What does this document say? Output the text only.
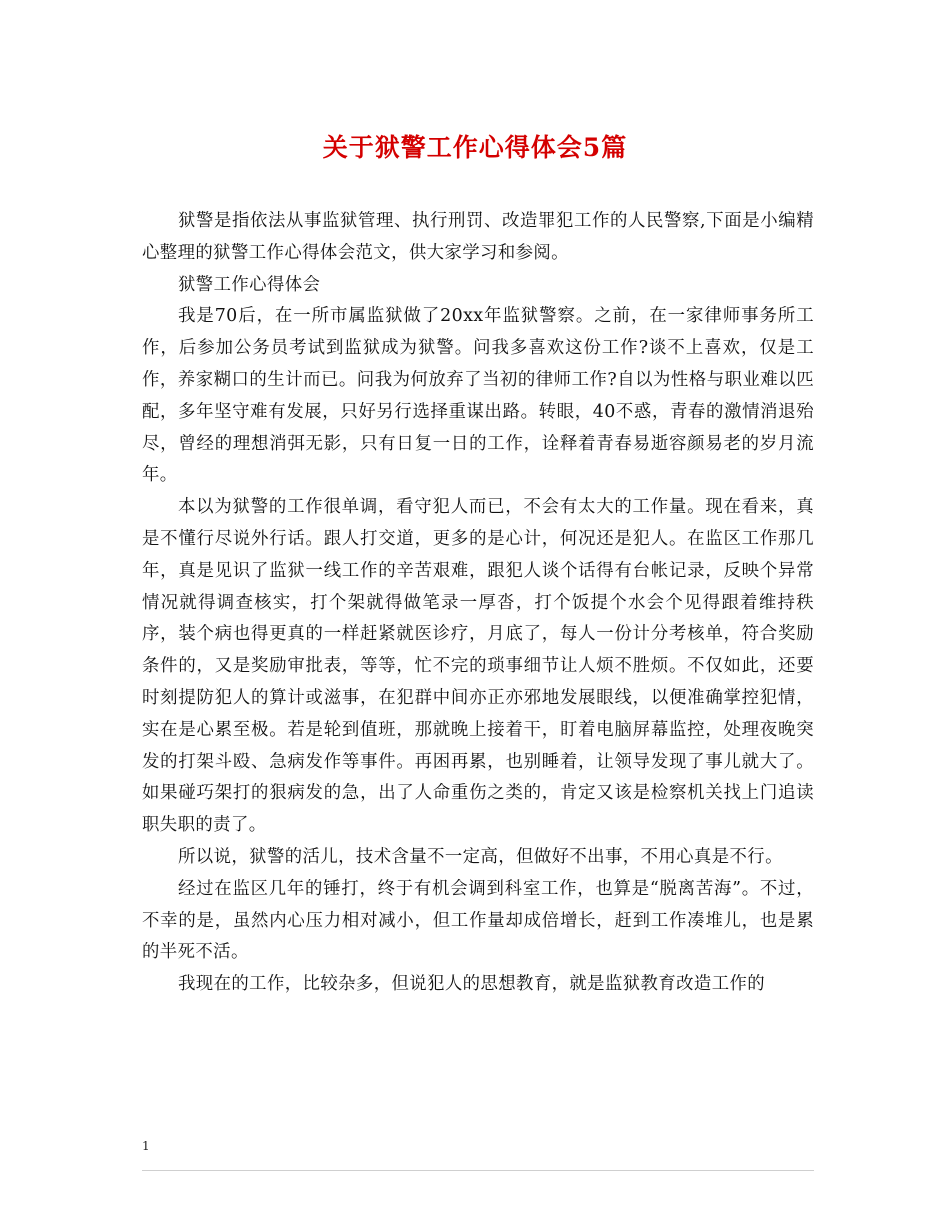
关于狱警工作心得体会5篇

狱警是指依法从事监狱管理、执行刑罚、改造罪犯工作的人民警察,下面是小编精心整理的狱警工作心得体会范文，供大家学习和参阅。

狱警工作心得体会

我是70后，在一所市属监狱做了20xx年监狱警察。之前，在一家律师事务所工作，后参加公务员考试到监狱成为狱警。问我多喜欢这份工作?谈不上喜欢，仅是工作，养家糊口的生计而已。问我为何放弃了当初的律师工作?自以为性格与职业难以匹配，多年坚守难有发展，只好另行选择重谋出路。转眼，40不惑，青春的激情消退殆尽，曾经的理想消弭无影，只有日复一日的工作，诠释着青春易逝容颜易老的岁月流年。

本以为狱警的工作很单调，看守犯人而已，不会有太大的工作量。现在看来，真是不懂行尽说外行话。跟人打交道，更多的是心计，何况还是犯人。在监区工作那几年，真是见识了监狱一线工作的辛苦艰难，跟犯人谈个话得有台帐记录，反映个异常情况就得调查核实，打个架就得做笔录一厚沓，打个饭提个水会个见得跟着维持秩序，装个病也得更真的一样赶紧就医诊疗，月底了，每人一份计分考核单，符合奖励条件的，又是奖励审批表，等等，忙不完的琐事细节让人烦不胜烦。不仅如此，还要时刻提防犯人的算计或滋事，在犯群中间亦正亦邪地发展眼线，以便准确掌控犯情，实在是心累至极。若是轮到值班，那就晚上接着干，盯着电脑屏幕监控，处理夜晚突发的打架斗殴、急病发作等事件。再困再累，也别睡着，让领导发现了事儿就大了。如果碰巧架打的狠病发的急，出了人命重伤之类的，肯定又该是检察机关找上门追读职失职的责了。

所以说，狱警的活儿，技术含量不一定高，但做好不出事，不用心真是不行。

经过在监区几年的锤打，终于有机会调到科室工作，也算是“脱离苦海”。不过，不幸的是，虽然内心压力相对减小，但工作量却成倍增长，赶到工作凑堆儿，也是累的半死不活。

我现在的工作，比较杂多，但说犯人的思想教育，就是监狱教育改造工作的

1
